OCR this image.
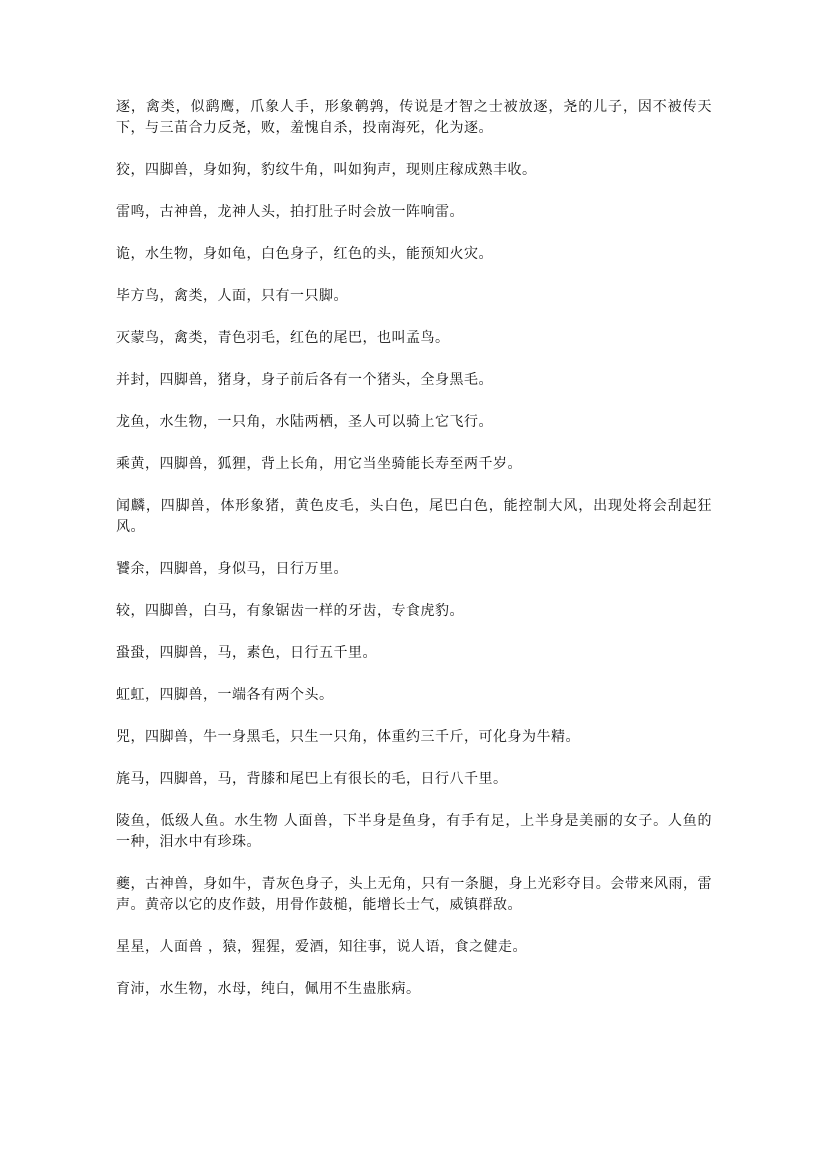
逐，禽类，似鹞鹰，爪象人手，形象鹌鹑，传说是才智之士被放逐，尧的儿子，因不被传天下，与三苗合力反尧，败，羞愧自杀，投南海死，化为逐。

狡，四脚兽，身如狗，豹纹牛角，叫如狗声，现则庄稼成熟丰收。

雷鸣，古神兽，龙神人头，拍打肚子时会放一阵响雷。

诡，水生物，身如龟，白色身子，红色的头，能预知火灾。

毕方鸟，禽类，人面，只有一只脚。

灭蒙鸟，禽类，青色羽毛，红色的尾巴，也叫孟鸟。

并封，四脚兽，猪身，身子前后各有一个猪头，全身黑毛。

龙鱼，水生物，一只角，水陆两栖，圣人可以骑上它飞行。

乘黄，四脚兽，狐狸，背上长角，用它当坐骑能长寿至两千岁。

闻麟，四脚兽，体形象猪，黄色皮毛，头白色，尾巴白色，能控制大风，出现处将会刮起狂风。

饕余，四脚兽，身似马，日行万里。

较，四脚兽，白马，有象锯齿一样的牙齿，专食虎豹。

蛩蛩，四脚兽，马，素色，日行五千里。

虹虹，四脚兽，一端各有两个头。

兕，四脚兽，牛一身黑毛，只生一只角，体重约三千斤，可化身为牛精。

旄马，四脚兽，马，背膝和尾巴上有很长的毛，日行八千里。

陵鱼，低级人鱼。水生物 人面兽，下半身是鱼身，有手有足，上半身是美丽的女子。人鱼的一种，泪水中有珍珠。

夔，古神兽，身如牛，青灰色身子，头上无角，只有一条腿，身上光彩夺目。会带来风雨，雷声。黄帝以它的皮作鼓，用骨作鼓槌，能增长士气，威镇群敌。

星星，人面兽 ，猿，猩猩，爱酒，知往事，说人语，食之健走。

育沛，水生物，水母，纯白，佩用不生蛊胀病。
